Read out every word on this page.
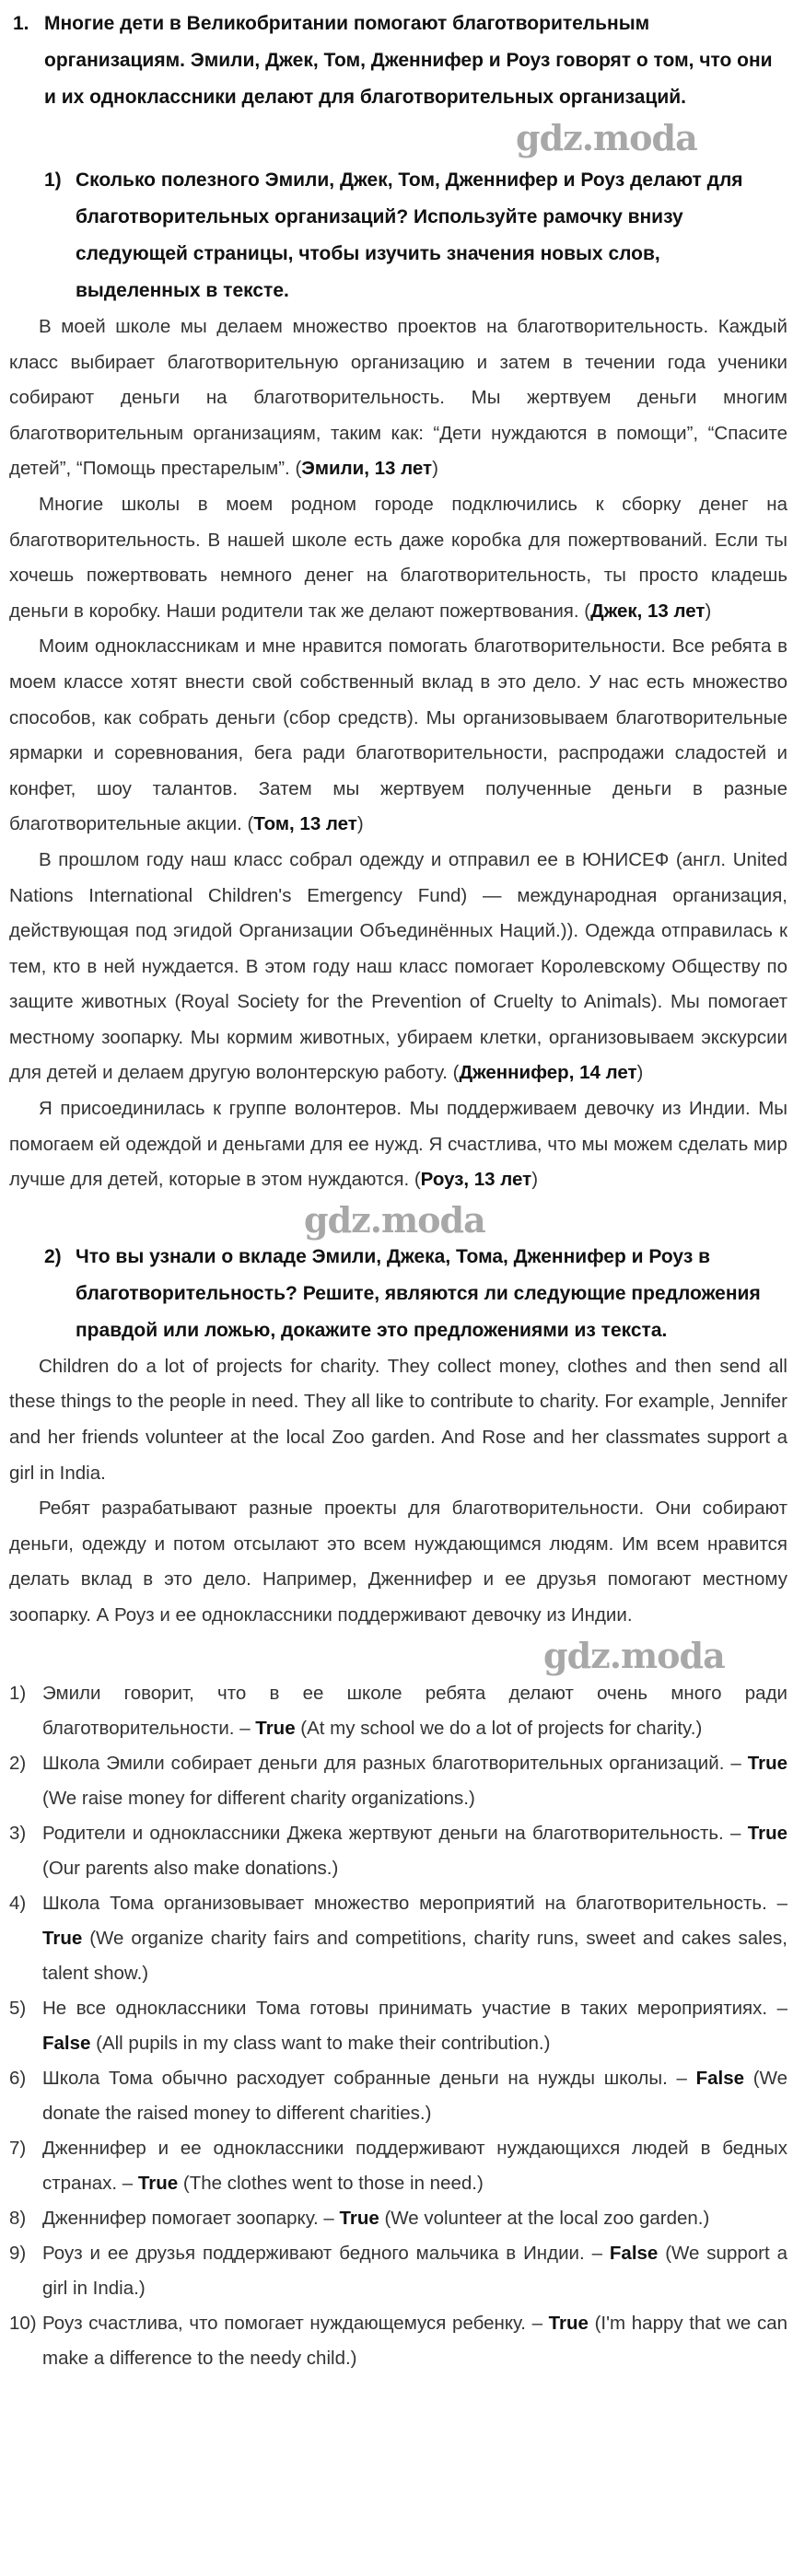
1. Многие дети в Великобритании помогают благотворительным организациям. Эмили, Джек, Том, Дженнифер и Роуз говорят о том, что они и их одноклассники делают для благотворительных организаций.
gdz.moda
1) Сколько полезного Эмили, Джек, Том, Дженнифер и Роуз делают для благотворительных организаций? Используйте рамочку внизу следующей страницы, чтобы изучить значения новых слов, выделенных в тексте.
В моей школе мы делаем множество проектов на благотворительность. Каждый класс выбирает благотворительную организацию и затем в течении года ученики собирают деньги на благотворительность. Мы жертвуем деньги многим благотворительным организациям, таким как: “Дети нуждаются в помощи”, “Спасите детей”, “Помощь престарелым”. (Эмили, 13 лет)
Многие школы в моем родном городе подключились к сборку денег на благотворительность. В нашей школе есть даже коробка для пожертвований. Если ты хочешь пожертвовать немного денег на благотворительность, ты просто кладешь деньги в коробку. Наши родители так же делают пожертвования. (Джек, 13 лет)
Моим одноклассникам и мне нравится помогать благотворительности. Все ребята в моем классе хотят внести свой собственный вклад в это дело. У нас есть множество способов, как собрать деньги (сбор средств). Мы организовываем благотворительные ярмарки и соревнования, бега ради благотворительности, распродажи сладостей и конфет, шоу талантов. Затем мы жертвуем полученные деньги в разные благотворительные акции. (Том, 13 лет)
В прошлом году наш класс собрал одежду и отправил ее в ЮНИСЕФ (англ. United Nations International Children's Emergency Fund) — международная организация, действующая под эгидой Организации Объединённых Наций.)). Одежда отправилась к тем, кто в ней нуждается. В этом году наш класс помогает Королевскому Обществу по защите животных (Royal Society for the Prevention of Cruelty to Animals). Мы помогает местному зоопарку. Мы кормим животных, убираем клетки, организовываем экскурсии для детей и делаем другую волонтерскую работу. (Дженнифер, 14 лет)
Я присоединилась к группе волонтеров. Мы поддерживаем девочку из Индии. Мы помогаем ей одеждой и деньгами для ее нужд. Я счастлива, что мы можем сделать мир лучше для детей, которые в этом нуждаются. (Роуз, 13 лет)
gdz.moda
2) Что вы узнали о вкладе Эмили, Джека, Тома, Дженнифер и Роуз в благотворительность? Решите, являются ли следующие предложения правдой или ложью, докажите это предложениями из текста.
Children do a lot of projects for charity. They collect money, clothes and then send all these things to the people in need. They all like to contribute to charity. For example, Jennifer and her friends volunteer at the local Zoo garden. And Rose and her classmates support a girl in India.
Ребят разрабатывают разные проекты для благотворительности. Они собирают деньги, одежду и потом отсылают это всем нуждающимся людям. Им всем нравится делать вклад в это дело. Например, Дженнифер и ее друзья помогают местному зоопарку. А Роуз и ее одноклассники поддерживают девочку из Индии.
gdz.moda
1) Эмили говорит, что в ее школе ребята делают очень много ради благотворительности. – True (At my school we do a lot of projects for charity.)
2) Школа Эмили собирает деньги для разных благотворительных организаций. – True (We raise money for different charity organizations.)
3) Родители и одноклассники Джека жертвуют деньги на благотворительность. – True (Our parents also make donations.)
4) Школа Тома организовывает множество мероприятий на благотворительность. – True (We organize charity fairs and competitions, charity runs, sweet and cakes sales, talent show.)
5) Не все одноклассники Тома готовы принимать участие в таких мероприятиях. – False (All pupils in my class want to make their contribution.)
6) Школа Тома обычно расходует собранные деньги на нужды школы. – False (We donate the raised money to different charities.)
7) Дженнифер и ее одноклассники поддерживают нуждающихся людей в бедных странах. – True (The clothes went to those in need.)
8) Дженнифер помогает зоопарку. – True (We volunteer at the local zoo garden.)
9) Роуз и ее друзья поддерживают бедного мальчика в Индии. – False (We support a girl in India.)
10) Роуз счастлива, что помогает нуждающемуся ребенку. – True (I'm happy that we can make a difference to the needy child.)
